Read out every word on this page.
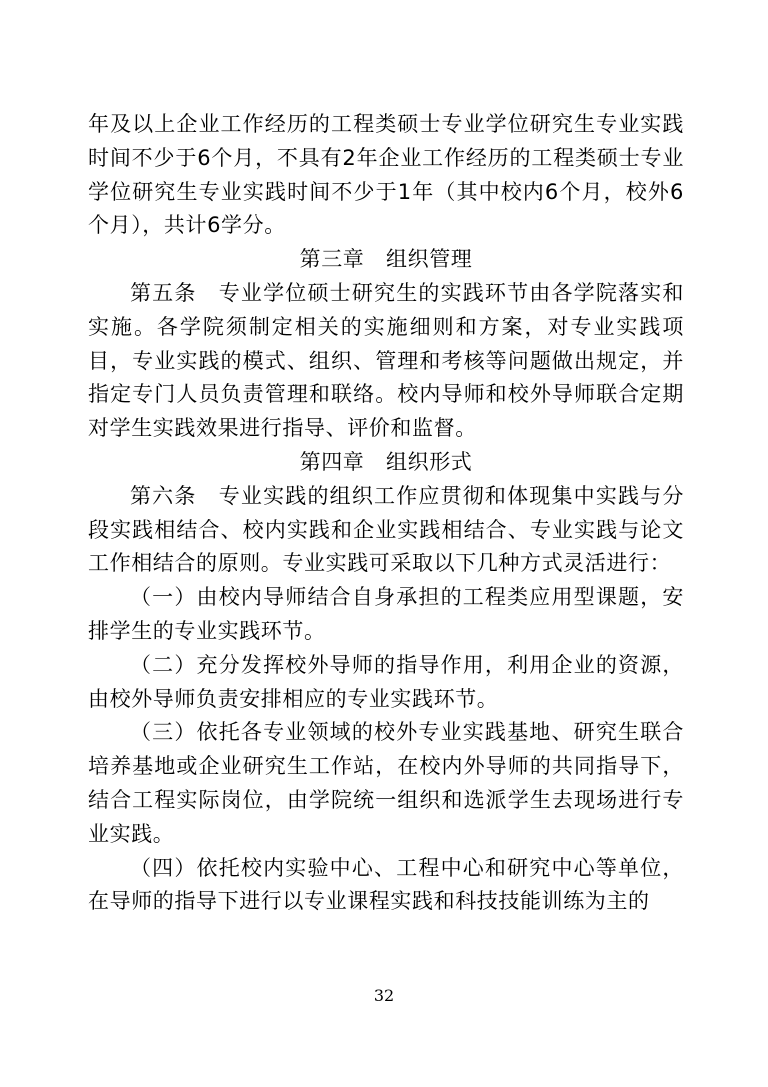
年及以上企业工作经历的工程类硕士专业学位研究生专业实践时间不少于6个月，不具有2年企业工作经历的工程类硕士专业学位研究生专业实践时间不少于1年（其中校内6个月，校外6个月），共计6学分。

第三章　组织管理

第五条　专业学位硕士研究生的实践环节由各学院落实和实施。各学院须制定相关的实施细则和方案，对专业实践项目，专业实践的模式、组织、管理和考核等问题做出规定，并指定专门人员负责管理和联络。校内导师和校外导师联合定期对学生实践效果进行指导、评价和监督。

第四章　组织形式

第六条　专业实践的组织工作应贯彻和体现集中实践与分段实践相结合、校内实践和企业实践相结合、专业实践与论文工作相结合的原则。专业实践可采取以下几种方式灵活进行：

（一）由校内导师结合自身承担的工程类应用型课题，安排学生的专业实践环节。

（二）充分发挥校外导师的指导作用，利用企业的资源，由校外导师负责安排相应的专业实践环节。

（三）依托各专业领域的校外专业实践基地、研究生联合培养基地或企业研究生工作站，在校内外导师的共同指导下，结合工程实际岗位，由学院统一组织和选派学生去现场进行专业实践。

（四）依托校内实验中心、工程中心和研究中心等单位，在导师的指导下进行以专业课程实践和科技技能训练为主的

32
